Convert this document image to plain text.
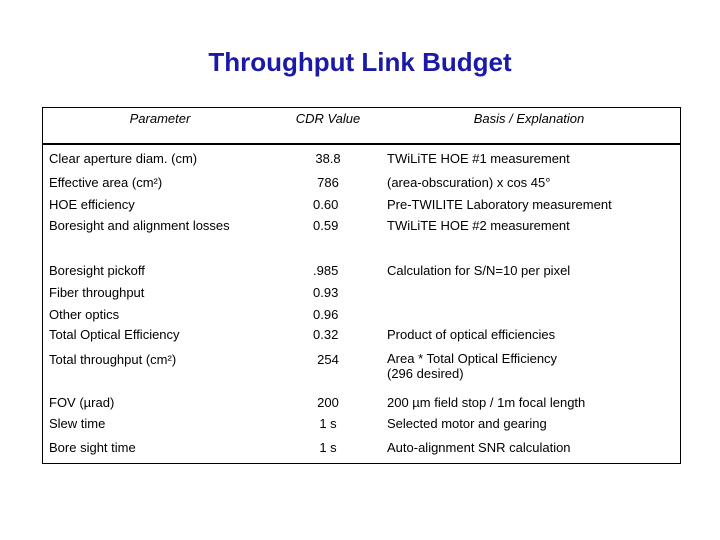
Throughput Link Budget
Parameter	CDR Value	Basis / Explanation
Clear aperture diam. (cm)	38.8	TWiLiTE HOE #1 measurement
Effective area (cm²)	786	(area-obscuration) x cos 45°
HOE efficiency	0.60	Pre-TWILITE Laboratory measurement
Boresight and alignment losses	0.59	TWiLiTE HOE #2 measurement
Boresight pickoff	.985	Calculation for S/N=10 per pixel
Fiber throughput	0.93
Other optics	0.96
Total Optical Efficiency	0.32	Product of optical efficiencies
Total throughput (cm²)	254	Area * Total Optical Efficiency
(296 desired)
FOV (µrad)	200	200 µm field stop / 1m focal length
Slew time	1 s	Selected motor and gearing
Bore sight time	1 s	Auto-alignment SNR calculation
